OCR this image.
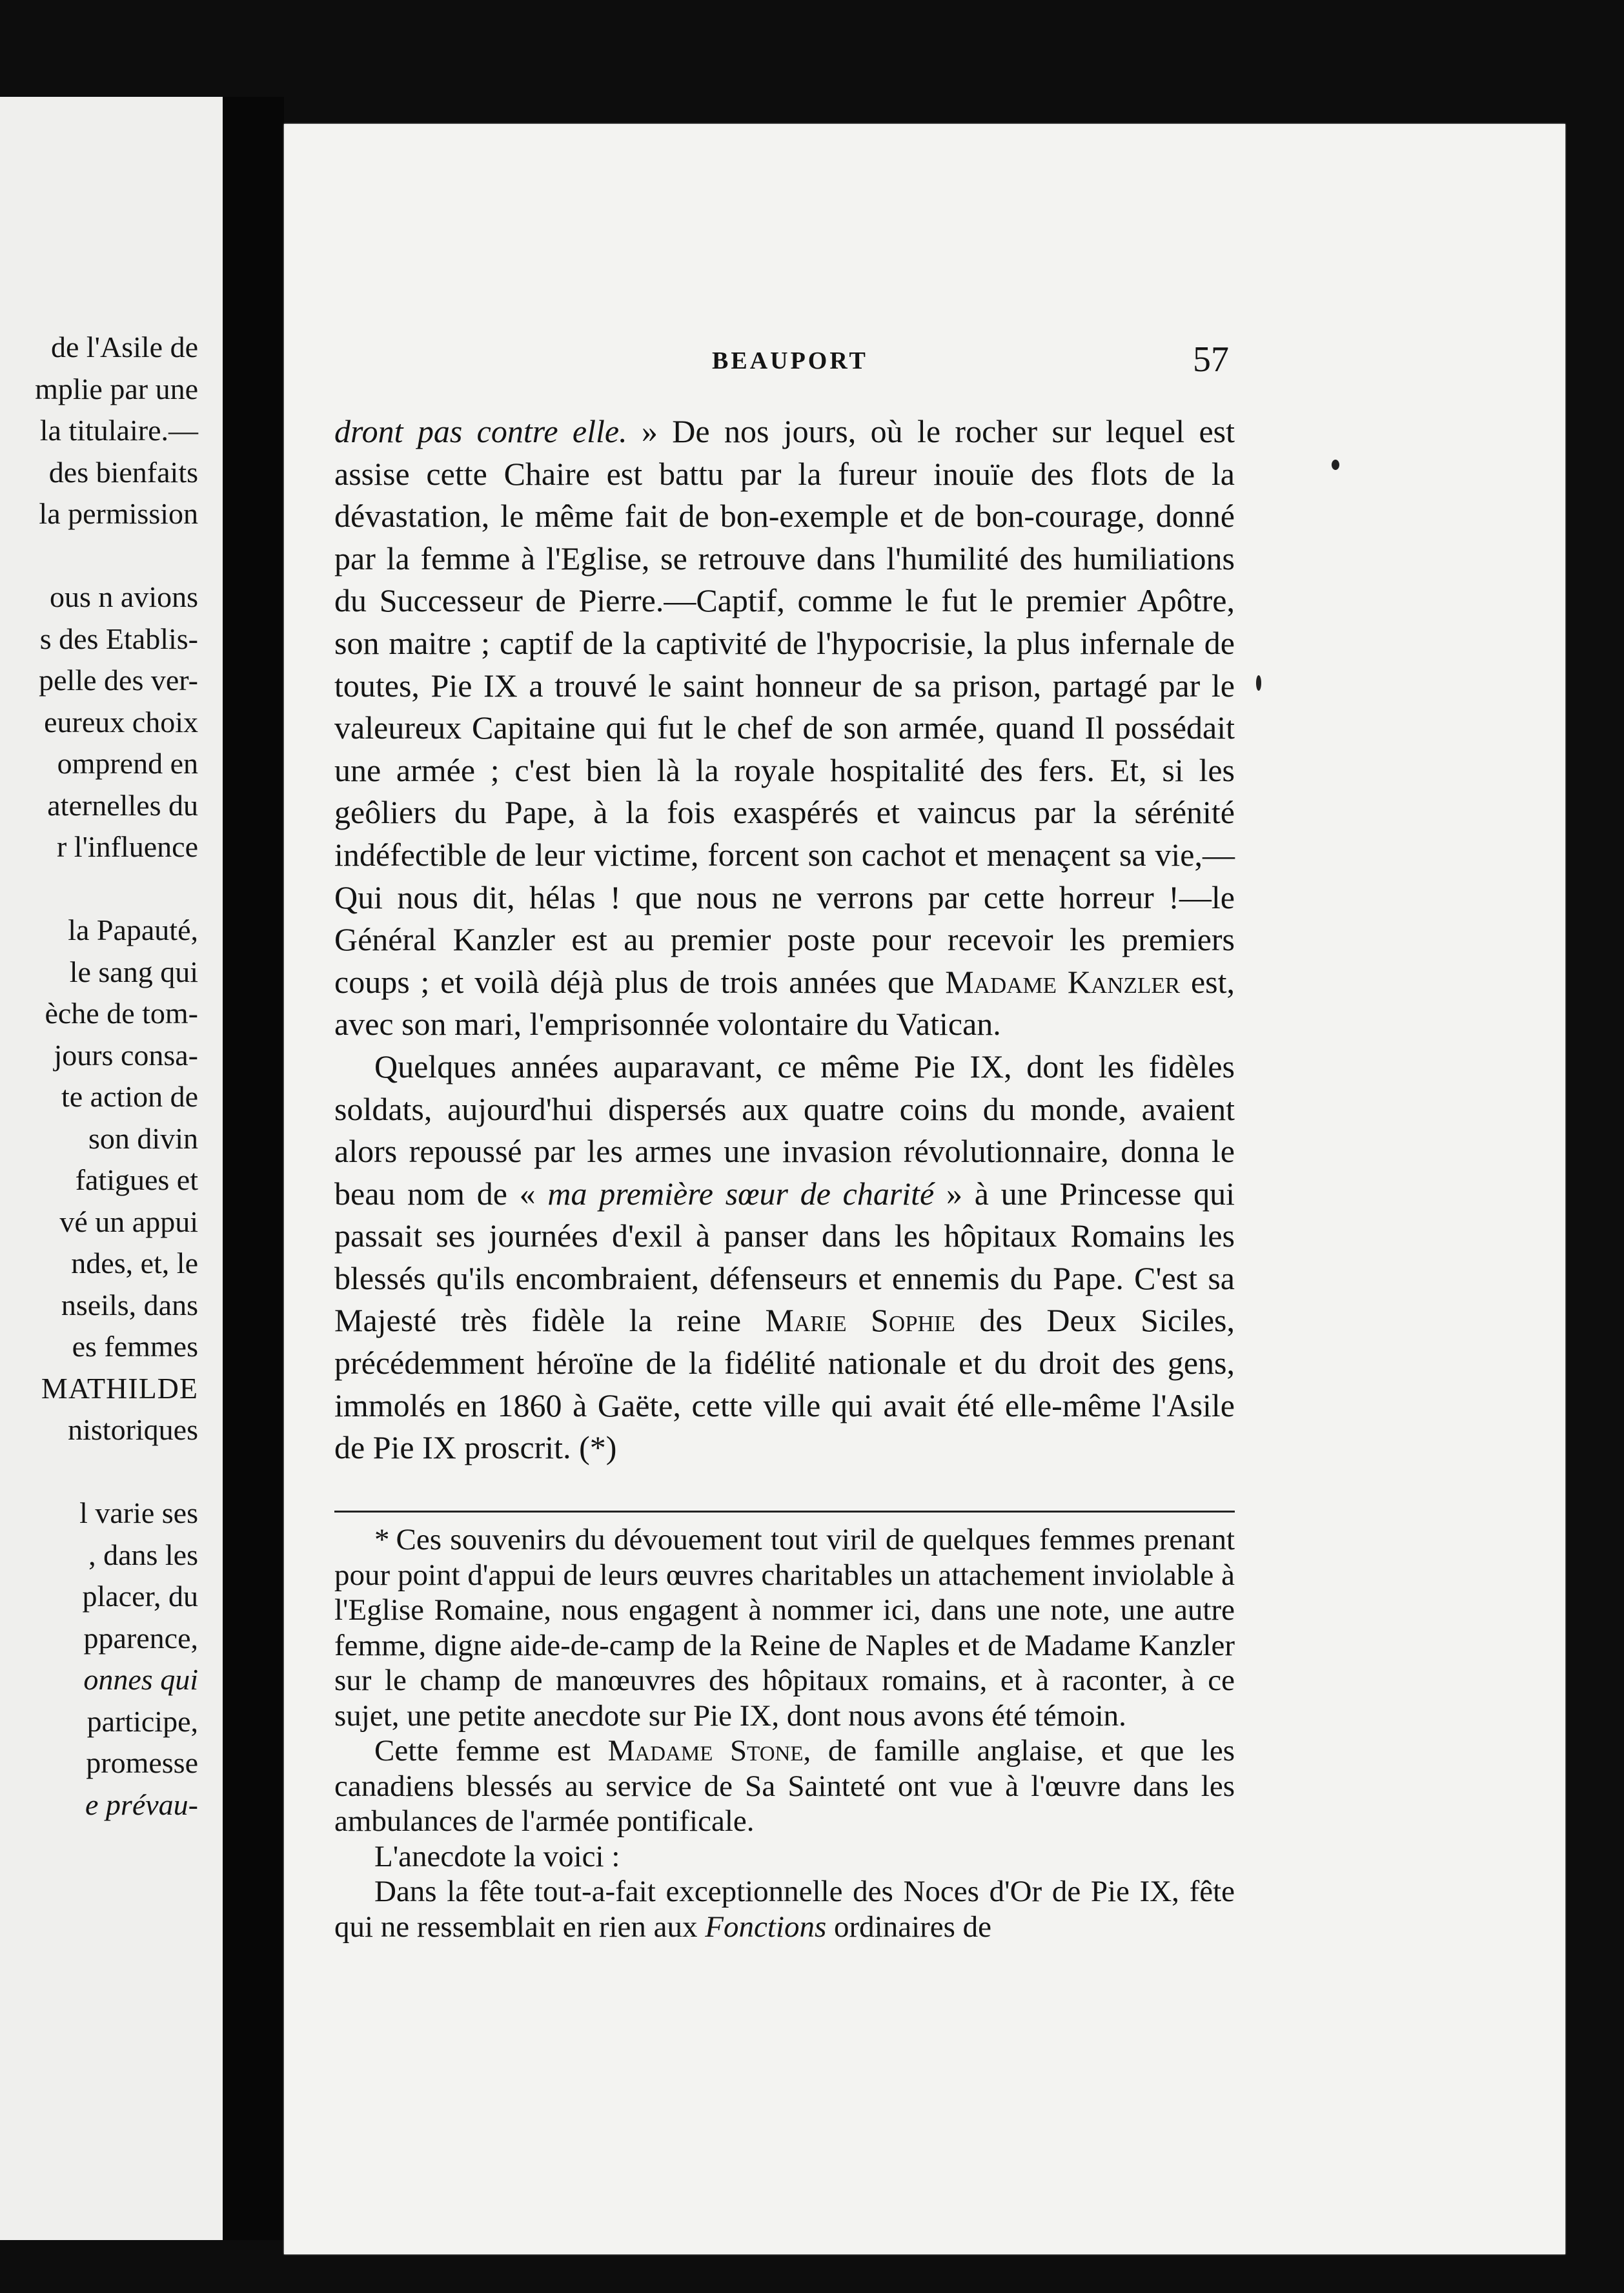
de l'Asile de
mplie par une
la titulaire.—
des bienfaits
la permission
ous n avions
s des Etablis-
pelle des ver-
eureux choix
omprend en
aternelles du
r l'influence
la Papauté,
le sang qui
èche de tom-
jours consa-
te action de
son divin
fatigues et
vé un appui
ndes, et, le
nseils, dans
es femmes
MATHILDE
nistoriques
l varie ses
, dans les
placer, du
pparence,
onnes qui
participe,
promesse
e prévau-
BEAUPORT	57

dront pas contre elle. » De nos jours, où le rocher sur lequel est assise cette Chaire est battu par la fureur inouïe des flots de la dévastation, le même fait de bon-exemple et de bon-courage, donné par la femme à l'Eglise, se retrouve dans l'humilité des humiliations du Successeur de Pierre.—Captif, comme le fut le premier Apôtre, son maitre ; captif de la captivité de l'hypocrisie, la plus infernale de toutes, Pie IX a trouvé le saint honneur de sa prison, partagé par le valeureux Capitaine qui fut le chef de son armée, quand Il possédait une armée ; c'est bien là la royale hospitalité des fers. Et, si les geôliers du Pape, à la fois exaspérés et vaincus par la sérénité indéfectible de leur victime, forcent son cachot et menaçent sa vie,—Qui nous dit, hélas ! que nous ne verrons par cette horreur !—le Général Kanzler est au premier poste pour recevoir les premiers coups ; et voilà déjà plus de trois années que Madame Kanzler est, avec son mari, l'emprisonnée volontaire du Vatican.

Quelques années auparavant, ce même Pie IX, dont les fidèles soldats, aujourd'hui dispersés aux quatre coins du monde, avaient alors repoussé par les armes une invasion révolutionnaire, donna le beau nom de « ma première sœur de charité » à une Princesse qui passait ses journées d'exil à panser dans les hôpitaux Romains les blessés qu'ils encombraient, défenseurs et ennemis du Pape. C'est sa Majesté très fidèle la reine Marie Sophie des Deux Siciles, précédemment héroïne de la fidélité nationale et du droit des gens, immolés en 1860 à Gaëte, cette ville qui avait été elle-même l'Asile de Pie IX proscrit. (*)

* Ces souvenirs du dévouement tout viril de quelques femmes prenant pour point d'appui de leurs œuvres charitables un attachement inviolable à l'Eglise Romaine, nous engagent à nommer ici, dans une note, une autre femme, digne aide-de-camp de la Reine de Naples et de Madame Kanzler sur le champ de manœuvres des hôpitaux romains, et à raconter, à ce sujet, une petite anecdote sur Pie IX, dont nous avons été témoin.

Cette femme est Madame Stone, de famille anglaise, et que les canadiens blessés au service de Sa Sainteté ont vue à l'œuvre dans les ambulances de l'armée pontificale.

L'anecdote la voici :

Dans la fête tout-a-fait exceptionnelle des Noces d'Or de Pie IX, fête qui ne ressemblait en rien aux Fonctions ordinaires de
